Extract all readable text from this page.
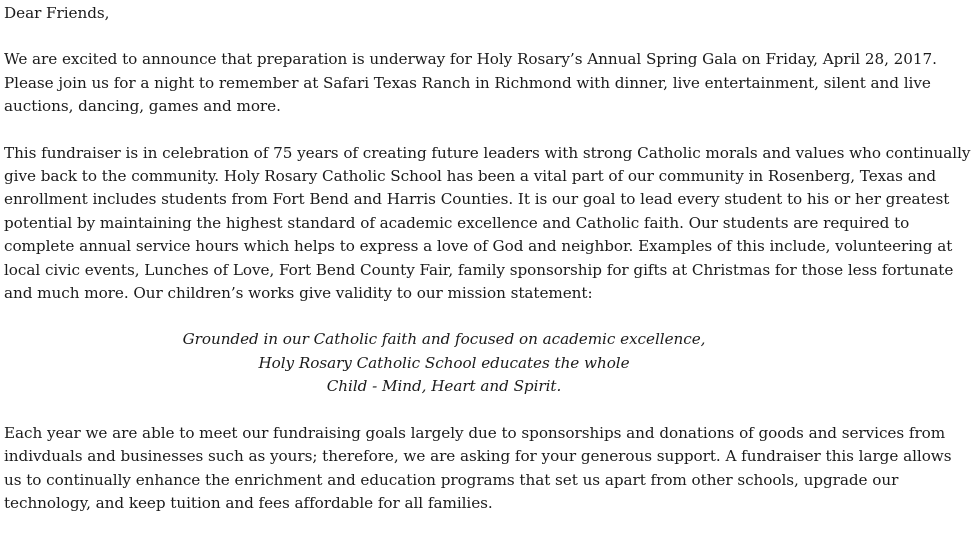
Dear Friends,
We are excited to announce that preparation is underway for Holy Rosary’s Annual Spring Gala on Friday, April 28, 2017.
Please join us for a night to remember at Safari Texas Ranch in Richmond with dinner, live entertainment, silent and live
auctions, dancing, games and more.
This fundraiser is in celebration of 75 years of creating future leaders with strong Catholic morals and values who continually
give back to the community. Holy Rosary Catholic School has been a vital part of our community in Rosenberg, Texas and
enrollment includes students from Fort Bend and Harris Counties. It is our goal to lead every student to his or her greatest
potential by maintaining the highest standard of academic excellence and Catholic faith. Our students are required to
complete annual service hours which helps to express a love of God and neighbor. Examples of this include, volunteering at
local civic events, Lunches of Love, Fort Bend County Fair, family sponsorship for gifts at Christmas for those less fortunate
and much more. Our children’s works give validity to our mission statement:
Grounded in our Catholic faith and focused on academic excellence,
Holy Rosary Catholic School educates the whole
Child - Mind, Heart and Spirit.
Each year we are able to meet our fundraising goals largely due to sponsorships and donations of goods and services from
indivduals and businesses such as yours; therefore, we are asking for your generous support. A fundraiser this large allows
us to continually enhance the enrichment and education programs that set us apart from other schools, upgrade our
technology, and keep tuition and fees affordable for all families.
